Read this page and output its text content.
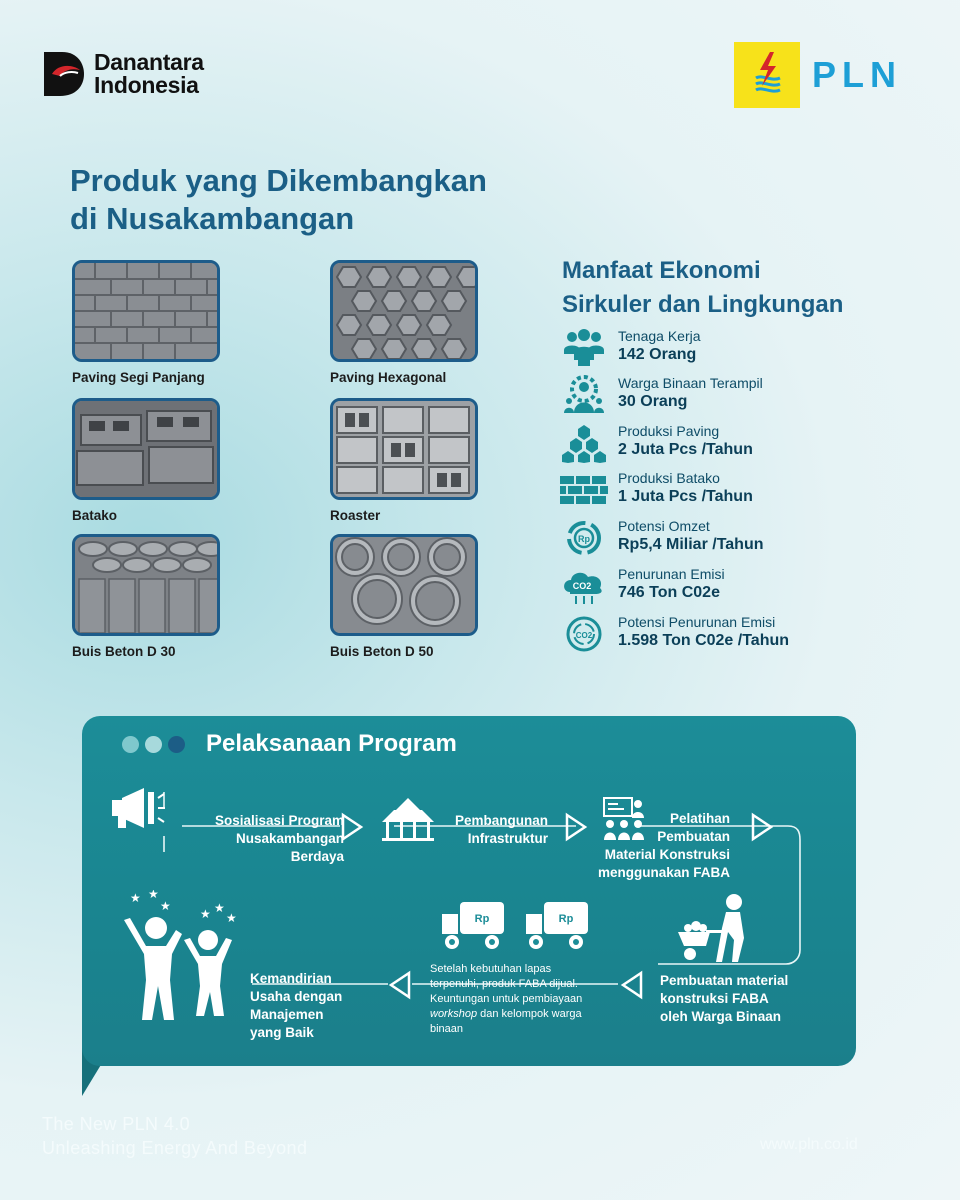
Danantara
Indonesia	PLN
Produk yang Dikembangkan
di Nusakambangan
Paving Segi Panjang	Paving Hexagonal
Batako	Roaster
Buis Beton D 30	Buis Beton D 50
Manfaat Ekonomi
Sirkuler dan Lingkungan
Tenaga Kerja
142 Orang
Warga Binaan Terampil
30 Orang
Produksi Paving
2 Juta Pcs /Tahun
Produksi Batako
1 Juta Pcs /Tahun
Rp
Potensi Omzet
Rp5,4 Miliar /Tahun
CO2
Penurunan Emisi
746 Ton C02e
CO2
Potensi Penurunan Emisi
1.598 Ton C02e /Tahun
Pelaksanaan Program
Sosialisasi Program
Nusakambangan
Berdaya
Pembangunan
Infrastruktur
Pelatihan
Pembuatan
Material Konstruksi
menggunakan FABA
Pembuatan material
konstruksi FABA
oleh Warga Binaan
Rp	Rp
Setelah kebutuhan lapas
terpenuhi, produk FABA dijual.
Keuntungan untuk pembiayaan
workshop dan kelompok warga
binaan
★ ★
★
★ ★
★
Kemandirian
Usaha dengan
Manajemen
yang Baik
The New PLN 4.0
Unleashing Energy And Beyond	www.pln.co.id
